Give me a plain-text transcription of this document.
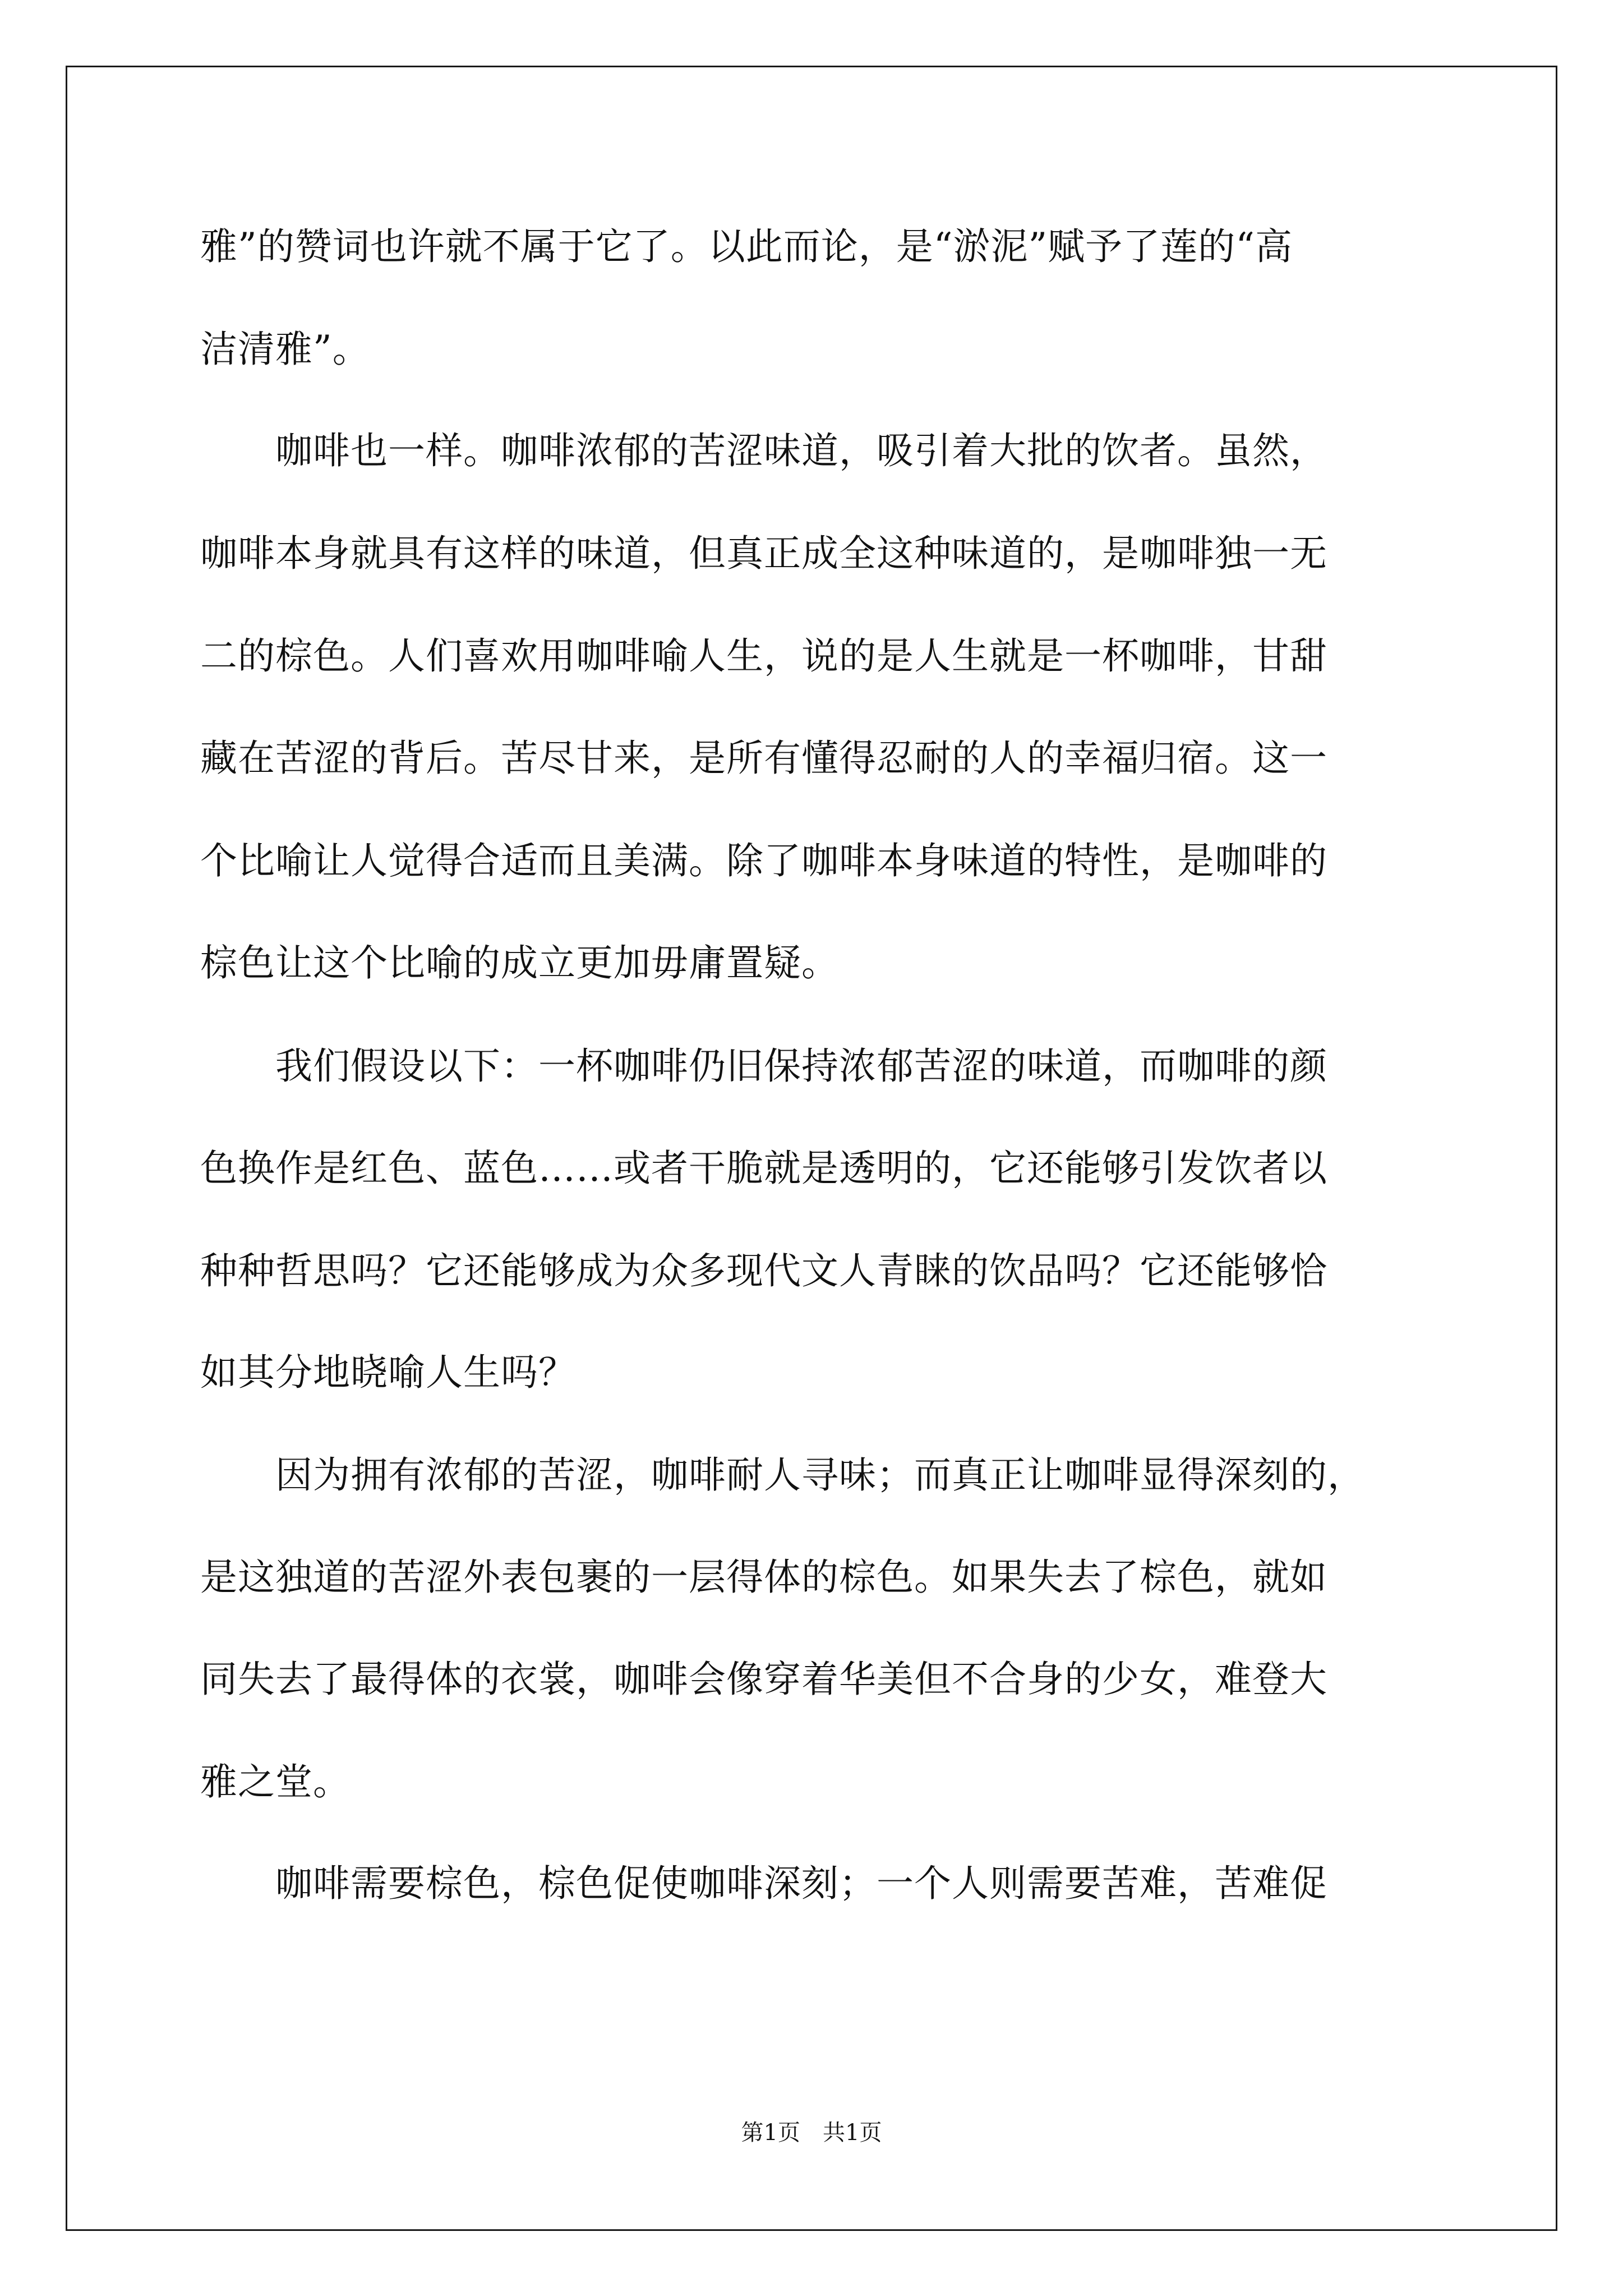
雅”的赞词也许就不属于它了。以此而论，是“淤泥”赋予了莲的“高
洁清雅”。
　　咖啡也一样。咖啡浓郁的苦涩味道，吸引着大批的饮者。虽然，
咖啡本身就具有这样的味道，但真正成全这种味道的，是咖啡独一无
二的棕色。人们喜欢用咖啡喻人生，说的是人生就是一杯咖啡，甘甜
藏在苦涩的背后。苦尽甘来，是所有懂得忍耐的人的幸福归宿。这一
个比喻让人觉得合适而且美满。除了咖啡本身味道的特性，是咖啡的
棕色让这个比喻的成立更加毋庸置疑。
　　我们假设以下：一杯咖啡仍旧保持浓郁苦涩的味道，而咖啡的颜
色换作是红色、蓝色……或者干脆就是透明的，它还能够引发饮者以
种种哲思吗？它还能够成为众多现代文人青睐的饮品吗？它还能够恰
如其分地晓喻人生吗？
　　因为拥有浓郁的苦涩，咖啡耐人寻味；而真正让咖啡显得深刻的，
是这独道的苦涩外表包裹的一层得体的棕色。如果失去了棕色，就如
同失去了最得体的衣裳，咖啡会像穿着华美但不合身的少女，难登大
雅之堂。
　　咖啡需要棕色，棕色促使咖啡深刻；一个人则需要苦难，苦难促
第1页　共1页
